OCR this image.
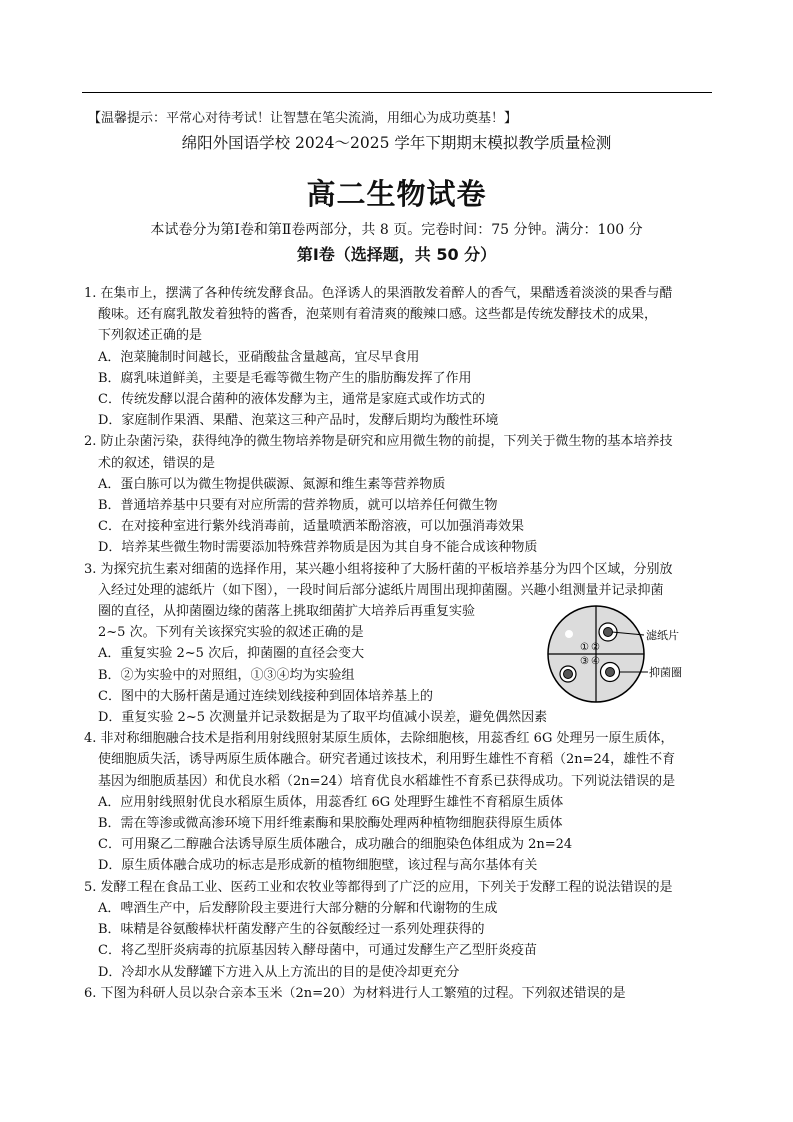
【温馨提示：平常心对待考试！让智慧在笔尖流淌，用细心为成功奠基！】
绵阳外国语学校 2024～2025 学年下期期末模拟教学质量检测
高二生物试卷
本试卷分为第Ⅰ卷和第Ⅱ卷两部分，共 8 页。完卷时间：75 分钟。满分：100 分
第Ⅰ卷（选择题，共 50 分）
1. 在集市上，摆满了各种传统发酵食品。色泽诱人的果酒散发着醉人的香气，果醋透着淡淡的果香与醋
酸味。还有腐乳散发着独特的酱香，泡菜则有着清爽的酸辣口感。这些都是传统发酵技术的成果，
下列叙述正确的是
A．泡菜腌制时间越长，亚硝酸盐含量越高，宜尽早食用
B．腐乳味道鲜美，主要是毛霉等微生物产生的脂肪酶发挥了作用
C．传统发酵以混合菌种的液体发酵为主，通常是家庭式或作坊式的
D．家庭制作果酒、果醋、泡菜这三种产品时，发酵后期均为酸性环境
2. 防止杂菌污染，获得纯净的微生物培养物是研究和应用微生物的前提，下列关于微生物的基本培养技
术的叙述，错误的是
A．蛋白胨可以为微生物提供碳源、氮源和维生素等营养物质
B．普通培养基中只要有对应所需的营养物质，就可以培养任何微生物
C．在对接种室进行紫外线消毒前，适量喷洒苯酚溶液，可以加强消毒效果
D．培养某些微生物时需要添加特殊营养物质是因为其自身不能合成该种物质
3. 为探究抗生素对细菌的选择作用，某兴趣小组将接种了大肠杆菌的平板培养基分为四个区域，分别放
入经过处理的滤纸片（如下图），一段时间后部分滤纸片周围出现抑菌圈。兴趣小组测量并记录抑菌
圈的直径，从抑菌圈边缘的菌落上挑取细菌扩大培养后再重复实验
2~5 次。下列有关该探究实验的叙述正确的是
A．重复实验 2~5 次后，抑菌圈的直径会变大
B．②为实验中的对照组，①③④均为实验组
C．图中的大肠杆菌是通过连续划线接种到固体培养基上的
D．重复实验 2~5 次测量并记录数据是为了取平均值减小误差，避免偶然因素
4. 非对称细胞融合技术是指利用射线照射某原生质体，去除细胞核，用蕊香红 6G 处理另一原生质体，
使细胞质失活，诱导两原生质体融合。研究者通过该技术，利用野生雄性不育稻（2n=24，雄性不育
基因为细胞质基因）和优良水稻（2n=24）培育优良水稻雄性不育系已获得成功。下列说法错误的是
A．应用射线照射优良水稻原生质体，用蕊香红 6G 处理野生雄性不育稻原生质体
B．需在等渗或微高渗环境下用纤维素酶和果胶酶处理两种植物细胞获得原生质体
C．可用聚乙二醇融合法诱导原生质体融合，成功融合的细胞染色体组成为 2n=24
D．原生质体融合成功的标志是形成新的植物细胞壁，该过程与高尔基体有关
5. 发酵工程在食品工业、医药工业和农牧业等都得到了广泛的应用，下列关于发酵工程的说法错误的是
A．啤酒生产中，后发酵阶段主要进行大部分糖的分解和代谢物的生成
B．味精是谷氨酸棒状杆菌发酵产生的谷氨酸经过一系列处理获得的
C．将乙型肝炎病毒的抗原基因转入酵母菌中，可通过发酵生产乙型肝炎疫苗
D．冷却水从发酵罐下方进入从上方流出的目的是使冷却更充分
6. 下图为科研人员以杂合亲本玉米（2n=20）为材料进行人工繁殖的过程。下列叙述错误的是
① ②
③ ④
滤纸片
抑菌圈
